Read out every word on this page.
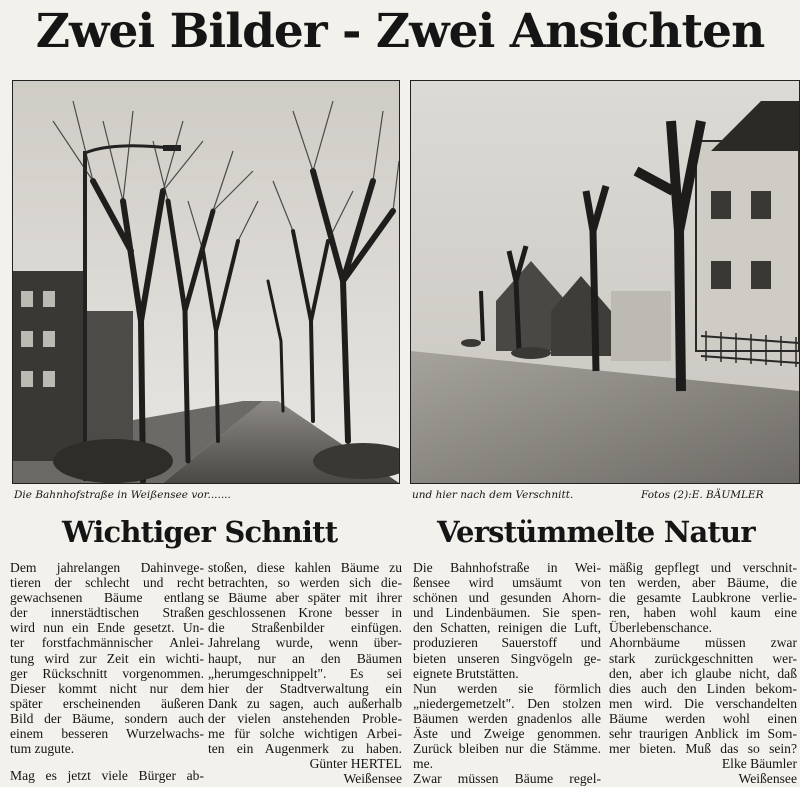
Zwei Bilder - Zwei Ansichten
Die Bahnhofstraße in Weißensee vor.......	und hier nach dem Verschnitt.	Fotos (2):E. BÄUMLER
Wichtiger Schnitt	Verstümmelte Natur
Dem jahrelangen Dahinvege-
tieren der schlecht und recht
gewachsenen Bäume entlang
der innerstädtischen Straßen
wird nun ein Ende gesetzt. Un-
ter forstfachmännischer Anlei-
tung wird zur Zeit ein wichti-
ger Rückschnitt vorgenommen.
Dieser kommt nicht nur dem
später erscheinenden äußeren
Bild der Bäume, sondern auch
einem besseren Wurzelwachs-
tum zugute.
Mag es jetzt viele Bürger ab-
stoßen, diese kahlen Bäume zu
betrachten, so werden sich die-
se Bäume aber später mit ihrer
geschlossenen Krone besser in
die Straßenbilder einfügen.
Jahrelang wurde, wenn über-
haupt, nur an den Bäumen
„herumgeschnippelt". Es sei
hier der Stadtverwaltung ein
Dank zu sagen, auch außerhalb
der vielen anstehenden Proble-
me für solche wichtigen Arbei-
ten ein Augenmerk zu haben.
Günter HERTEL
Weißensee
Die Bahnhofstraße in Wei-
ßensee wird umsäumt von
schönen und gesunden Ahorn-
und Lindenbäumen. Sie spen-
den Schatten, reinigen die Luft,
produzieren Sauerstoff und
bieten unseren Singvögeln ge-
eignete Brutstätten.
Nun werden sie förmlich
„niedergemetzelt". Den stolzen
Bäumen werden gnadenlos alle
Äste und Zweige genommen.
Zurück bleiben nur die Stämme.
me.
Zwar müssen Bäume regel-
mäßig gepflegt und verschnit-
ten werden, aber Bäume, die
die gesamte Laubkrone verlie-
ren, haben wohl kaum eine
Überlebenschance.
Ahornbäume müssen zwar
stark zurückgeschnitten wer-
den, aber ich glaube nicht, daß
dies auch den Linden bekom-
men wird. Die verschandelten
Bäume werden wohl einen
sehr traurigen Anblick im Som-
mer bieten. Muß das so sein?
Elke Bäumler
Weißensee
